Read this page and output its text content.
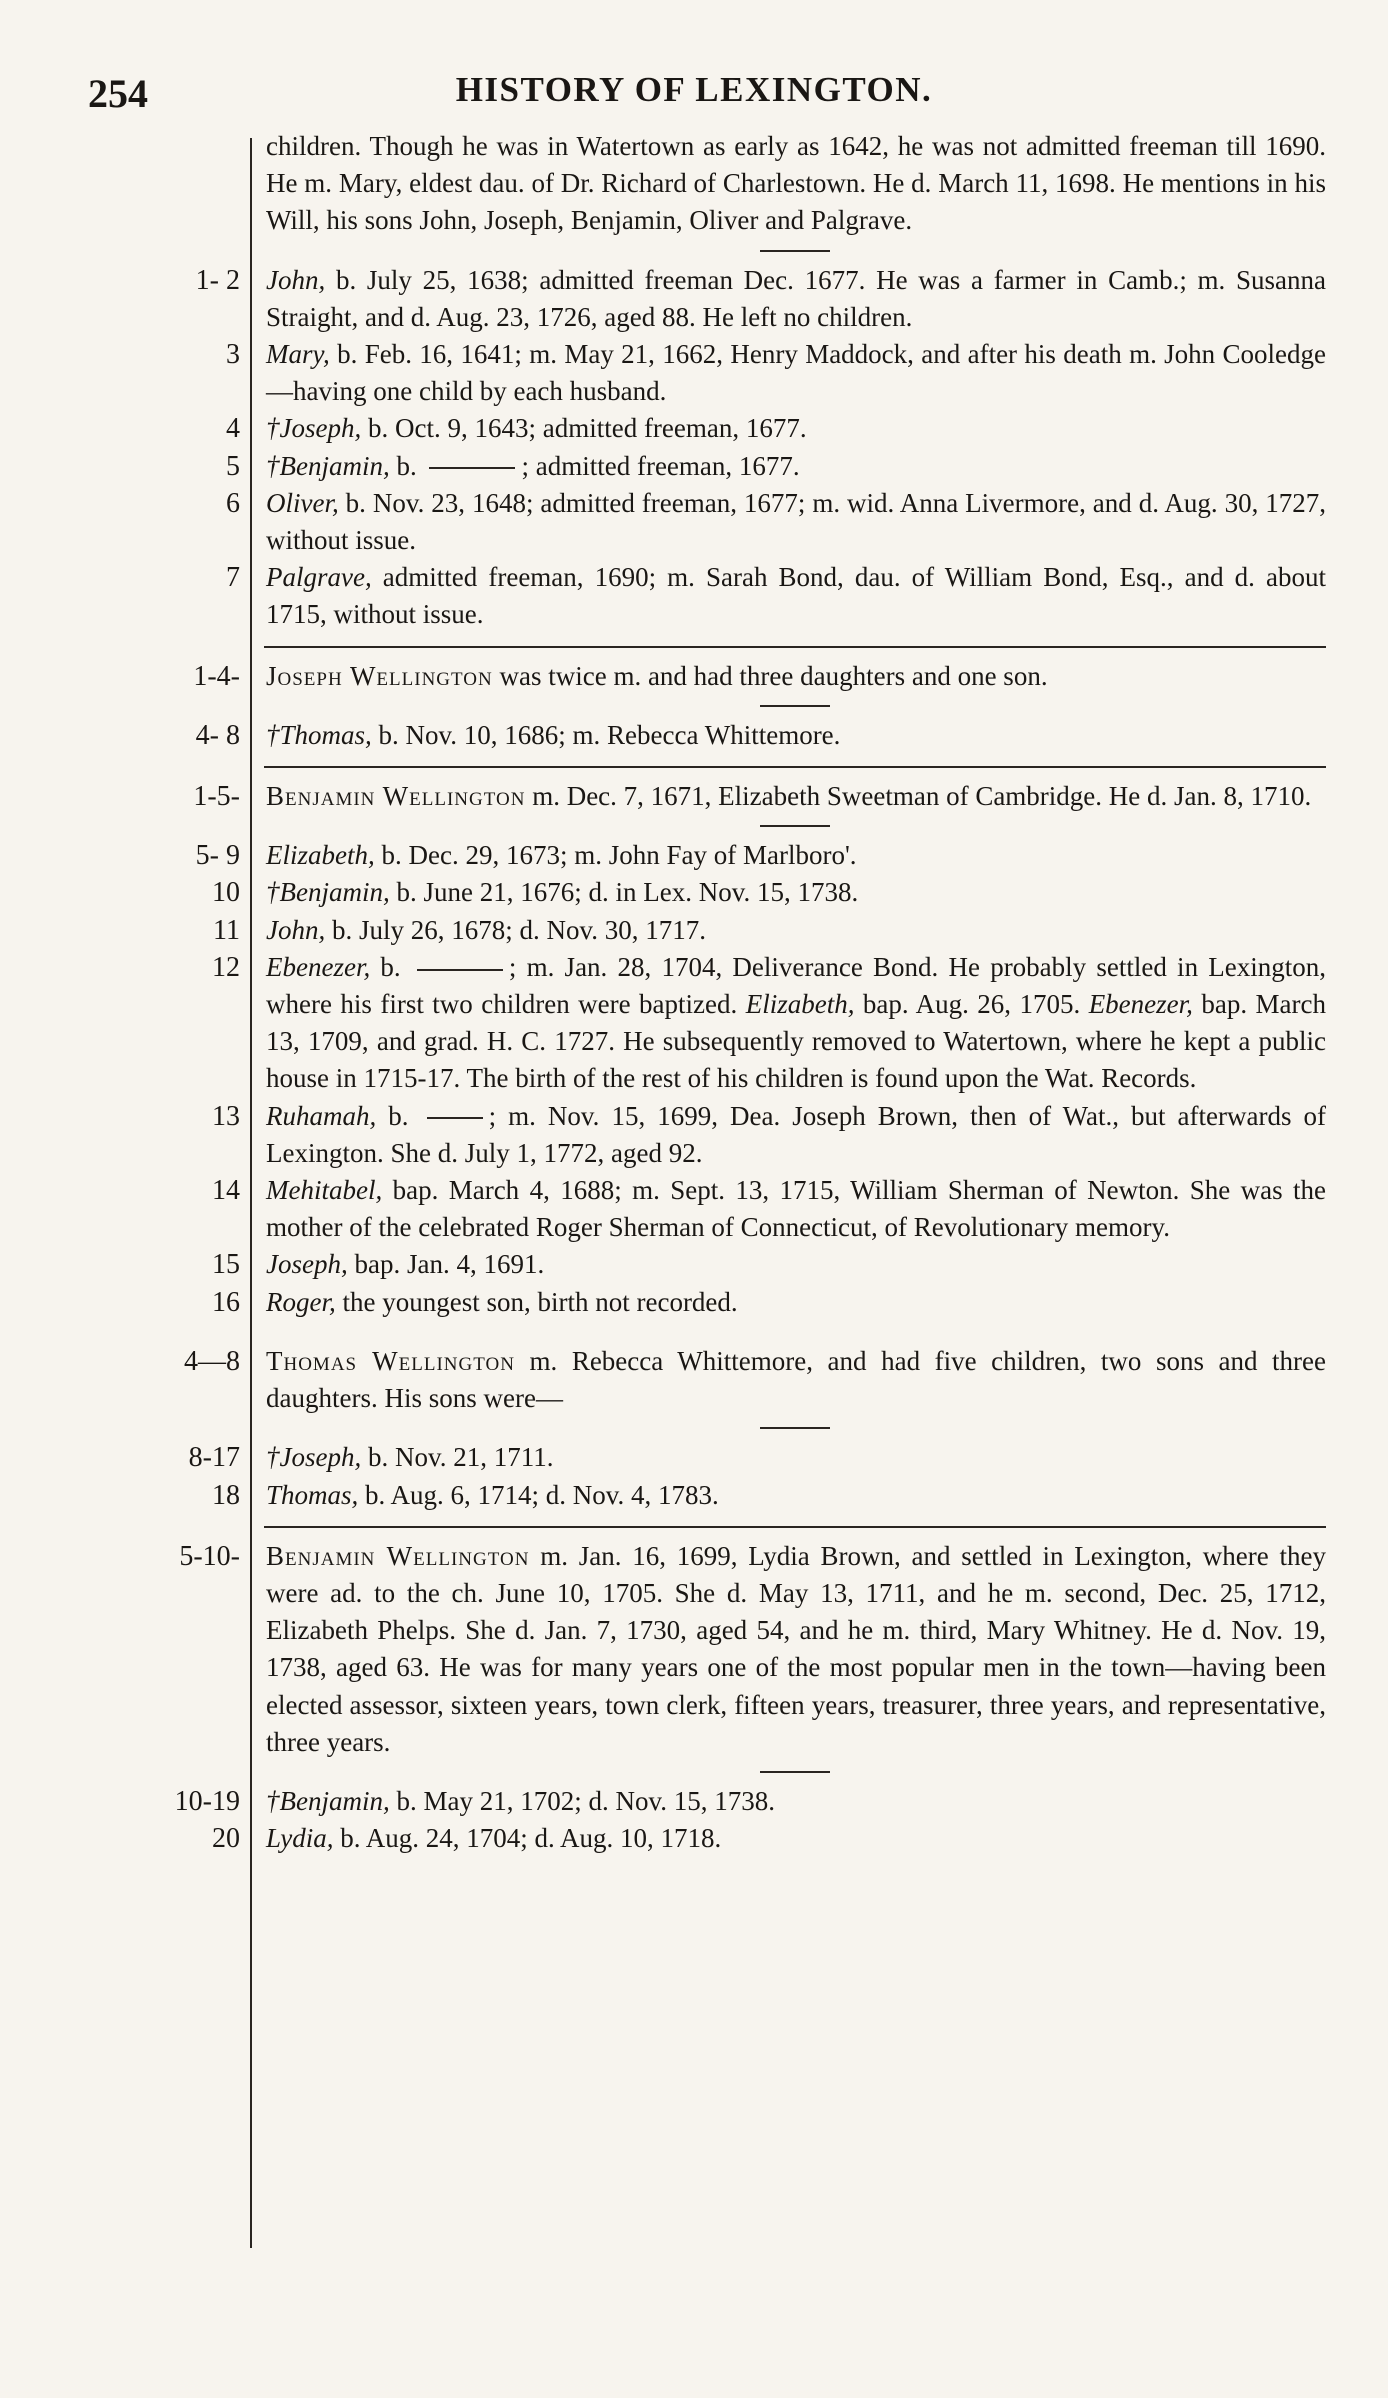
254	HISTORY OF LEXINGTON.
children. Though he was in Watertown as early as 1642, he was not admitted freeman till 1690. He m. Mary, eldest dau. of Dr. Richard of Charlestown. He d. March 11, 1698. He mentions in his Will, his sons John, Joseph, Benjamin, Oliver and Palgrave.
1- 2 John, b. July 25, 1638; admitted freeman Dec. 1677. He was a farmer in Camb.; m. Susanna Straight, and d. Aug. 23, 1726, aged 88. He left no children.
3 Mary, b. Feb. 16, 1641; m. May 21, 1662, Henry Maddock, and after his death m. John Cooledge—having one child by each husband.
4 †Joseph, b. Oct. 9, 1643; admitted freeman, 1677.
5 †Benjamin, b.	; admitted freeman, 1677.
6 Oliver, b. Nov. 23, 1648; admitted freeman, 1677; m. wid. Anna Livermore, and d. Aug. 30, 1727, without issue.
7 Palgrave, admitted freeman, 1690; m. Sarah Bond, dau. of William Bond, Esq., and d. about 1715, without issue.
1-4- Joseph Wellington was twice m. and had three daughters and one son.
4- 8 †Thomas, b. Nov. 10, 1686; m. Rebecca Whittemore.
1-5- Benjamin Wellington m. Dec. 7, 1671, Elizabeth Sweetman of Cambridge. He d. Jan. 8, 1710.
5- 9 Elizabeth, b. Dec. 29, 1673; m. John Fay of Marlboro'.
10 †Benjamin, b. June 21, 1676; d. in Lex. Nov. 15, 1738.
11 John, b. July 26, 1678; d. Nov. 30, 1717.
12 Ebenezer, b.	; m. Jan. 28, 1704, Deliverance Bond. He probably settled in Lexington, where his first two children were baptized. Elizabeth, bap. Aug. 26, 1705. Ebenezer, bap. March 13, 1709, and grad. H. C. 1727. He subsequently removed to Watertown, where he kept a public house in 1715-17. The birth of the rest of his children is found upon the Wat. Records.
13 Ruhamah, b.	; m. Nov. 15, 1699, Dea. Joseph Brown, then of Wat., but afterwards of Lexington. She d. July 1, 1772, aged 92.
14 Mehitabel, bap. March 4, 1688; m. Sept. 13, 1715, William Sherman of Newton. She was the mother of the celebrated Roger Sherman of Connecticut, of Revolutionary memory.
15 Joseph, bap. Jan. 4, 1691.
16 Roger, the youngest son, birth not recorded.
4—8 Thomas Wellington m. Rebecca Whittemore, and had five children, two sons and three daughters. His sons were—
8-17 †Joseph, b. Nov. 21, 1711.
18 Thomas, b. Aug. 6, 1714; d. Nov. 4, 1783.
5-10- Benjamin Wellington m. Jan. 16, 1699, Lydia Brown, and settled in Lexington, where they were ad. to the ch. June 10, 1705. She d. May 13, 1711, and he m. second, Dec. 25, 1712, Elizabeth Phelps. She d. Jan. 7, 1730, aged 54, and he m. third, Mary Whitney. He d. Nov. 19, 1738, aged 63. He was for many years one of the most popular men in the town—having been elected assessor, sixteen years, town clerk, fifteen years, treasurer, three years, and representative, three years.
10-19 †Benjamin, b. May 21, 1702; d. Nov. 15, 1738.
20 Lydia, b. Aug. 24, 1704; d. Aug. 10, 1718.
